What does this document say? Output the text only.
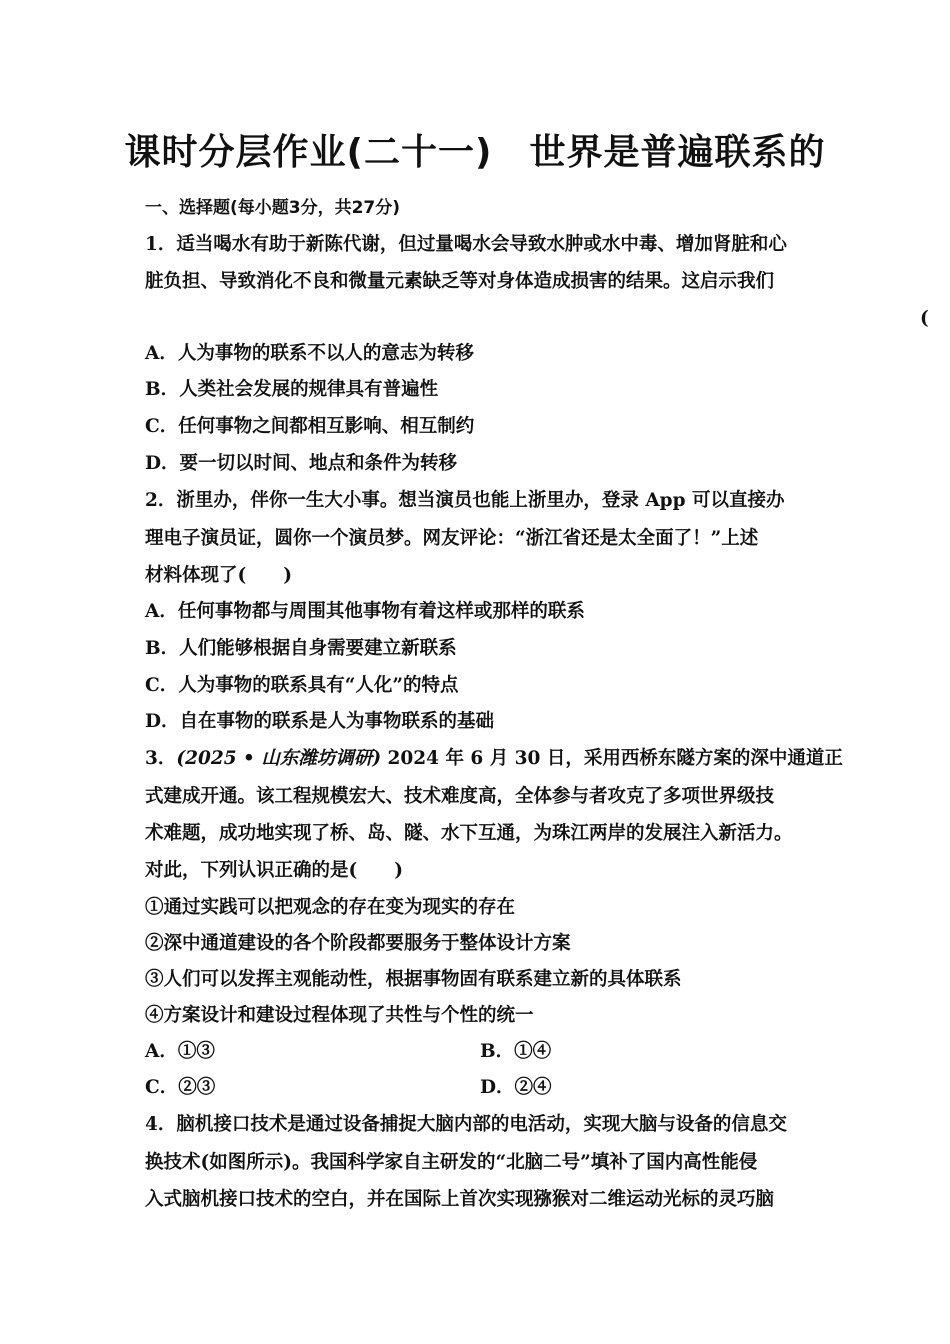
课时分层作业(二十一)　世界是普遍联系的
一、选择题(每小题3分，共27分)
1．适当喝水有助于新陈代谢，但过量喝水会导致水肿或水中毒、增加肾脏和心
脏负担、导致消化不良和微量元素缺乏等对身体造成损害的结果。这启示我们
(
A．人为事物的联系不以人的意志为转移
B．人类社会发展的规律具有普遍性
C．任何事物之间都相互影响、相互制约
D．要一切以时间、地点和条件为转移
2．浙里办，伴你一生大小事。想当演员也能上浙里办，登录 App 可以直接办
理电子演员证，圆你一个演员梦。网友评论：“浙江省还是太全面了！”上述
材料体现了(　　)
A．任何事物都与周围其他事物有着这样或那样的联系
B．人们能够根据自身需要建立新联系
C．人为事物的联系具有“人化”的特点
D．自在事物的联系是人为事物联系的基础
3．(2025 • 山东潍坊调研) 2024 年 6 月 30 日，采用西桥东隧方案的深中通道正
式建成开通。该工程规模宏大、技术难度高，全体参与者攻克了多项世界级技
术难题，成功地实现了桥、岛、隧、水下互通，为珠江两岸的发展注入新活力。
对此，下列认识正确的是(　　)
①通过实践可以把观念的存在变为现实的存在
②深中通道建设的各个阶段都要服务于整体设计方案
③人们可以发挥主观能动性，根据事物固有联系建立新的具体联系
④方案设计和建设过程体现了共性与个性的统一
A．①③	B．①④
C．②③	D．②④
4．脑机接口技术是通过设备捕捉大脑内部的电活动，实现大脑与设备的信息交
换技术(如图所示)。我国科学家自主研发的“北脑二号”填补了国内高性能侵
入式脑机接口技术的空白，并在国际上首次实现猕猴对二维运动光标的灵巧脑
